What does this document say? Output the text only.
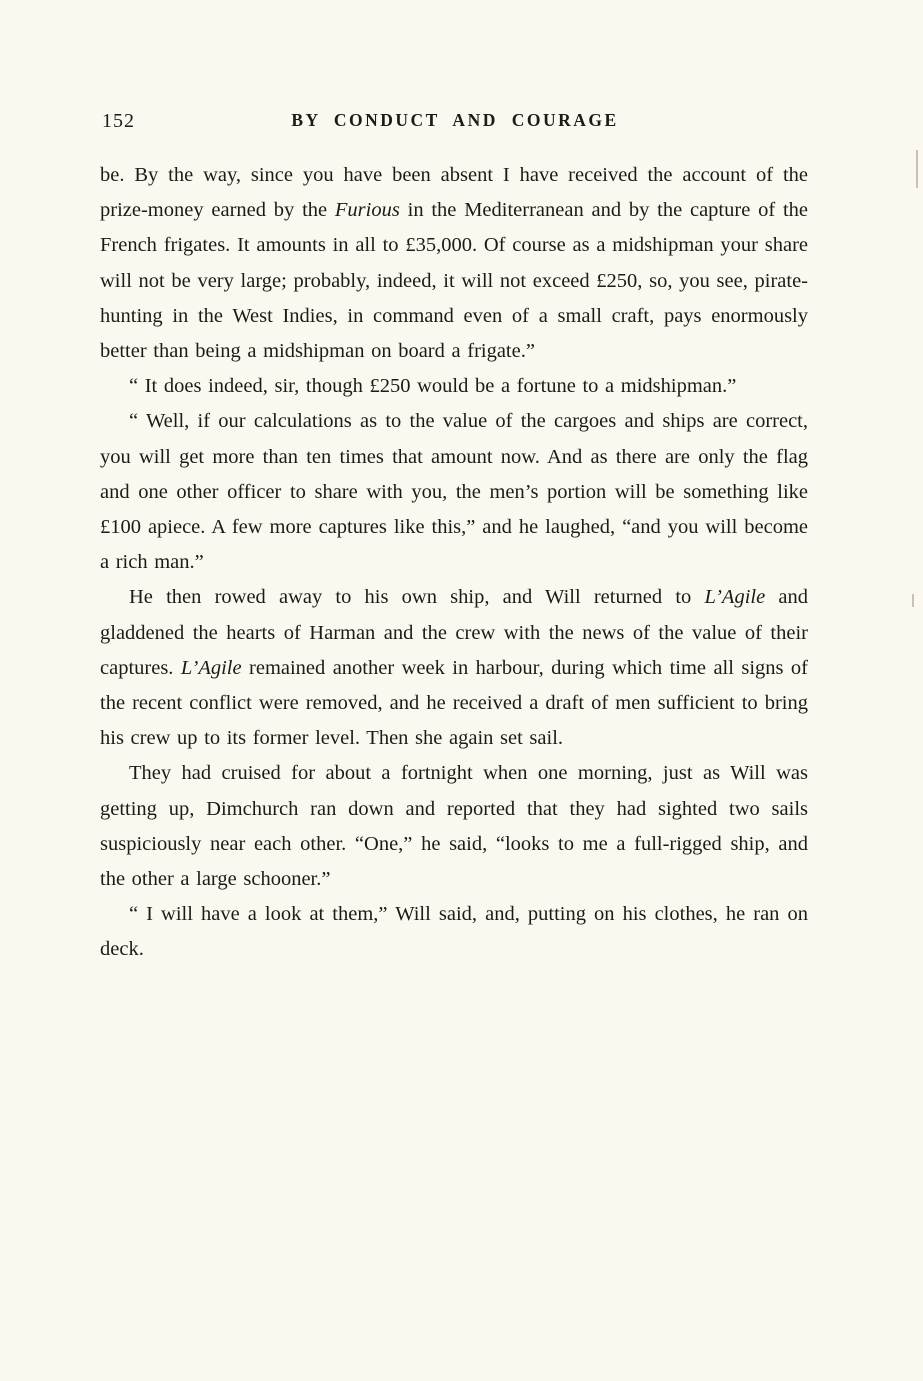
152	BY CONDUCT AND COURAGE

be. By the way, since you have been absent I have received the account of the prize-money earned by the Furious in the Mediterranean and by the capture of the French frigates. It amounts in all to £35,000. Of course as a midshipman your share will not be very large; probably, indeed, it will not exceed £250, so, you see, pirate-hunting in the West Indies, in command even of a small craft, pays enormously better than being a midshipman on board a frigate.”

“ It does indeed, sir, though £250 would be a fortune to a midshipman.”

“ Well, if our calculations as to the value of the cargoes and ships are correct, you will get more than ten times that amount now. And as there are only the flag and one other officer to share with you, the men’s portion will be something like £100 apiece. A few more captures like this,” and he laughed, “and you will become a rich man.”

He then rowed away to his own ship, and Will returned to L’Agile and gladdened the hearts of Harman and the crew with the news of the value of their captures. L’Agile remained another week in harbour, during which time all signs of the recent conflict were removed, and he received a draft of men sufficient to bring his crew up to its former level. Then she again set sail.

They had cruised for about a fortnight when one morning, just as Will was getting up, Dimchurch ran down and reported that they had sighted two sails suspiciously near each other. “One,” he said, “looks to me a full-rigged ship, and the other a large schooner.”

“ I will have a look at them,” Will said, and, putting on his clothes, he ran on deck.
